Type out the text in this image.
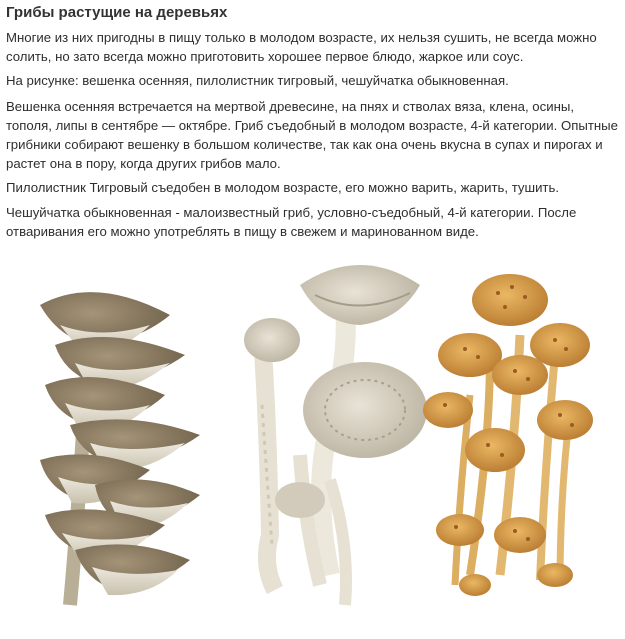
Грибы растущие на деревьях

Многие из них пригодны в пищу только в молодом возрасте, их нельзя сушить, не всегда можно солить, но зато всегда можно приготовить хорошее первое блюдо, жаркое или соус.

На рисунке: вешенка осенняя, пилолистник тигровый, чешуйчатка обыкновенная.

Вешенка осенняя встречается на мертвой древесине, на пнях и стволах вяза, клена, осины, тополя, липы в сентябре — октябре. Гриб съедобный в молодом возрасте, 4-й категории. Опытные грибники собирают вешенку в большом количестве, так как она очень вкусна в супах и пирогах и растет она в пору, когда других грибов мало.

Пилолистник Тигровый съедобен в молодом возрасте, его можно варить, жарить, тушить.

Чешуйчатка обыкновенная - малоизвестный гриб, условно-съедобный, 4-й категории. После отваривания его можно употреблять в пищу в свежем и маринованном виде.
